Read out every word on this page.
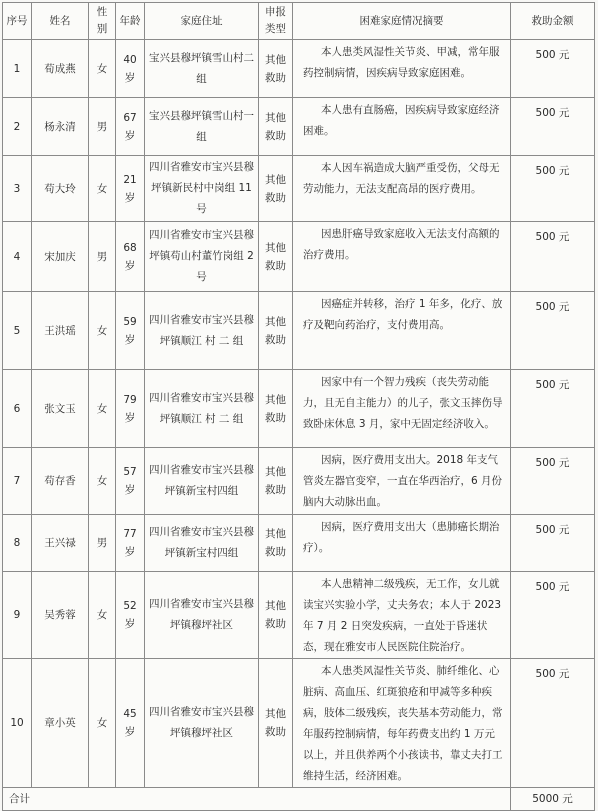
序号	姓名	性别	年龄	家庭住址	申报类型	困难家庭情况摘要	救助金额
1	荀成燕	女	40 岁	宝兴县穆坪镇雪山村二组	其他救助	本人患类风湿性关节炎、甲减，常年服药控制病情，因疾病导致家庭困难。	500 元
2	杨永清	男	67 岁	宝兴县穆坪镇雪山村一组	其他救助	本人患有直肠癌，因疾病导致家庭经济困难。	500 元
3	苟大玲	女	21 岁	四川省雅安市宝兴县穆坪镇新民村中岗组 11 号	其他救助	本人因车祸造成大脑严重受伤，父母无劳动能力，无法支配高昂的医疗费用。	500 元
4	宋加庆	男	68 岁	四川省雅安市宝兴县穆坪镇苟山村董竹岗组 2 号	其他救助	因患肝癌导致家庭收入无法支付高额的治疗费用。	500 元
5	王洪瑶	女	59 岁	四川省雅安市宝兴县穆坪镇顺江 村 二 组	其他救助	因癌症并转移，治疗 1 年多，化疗、放疗及靶向药治疗，支付费用高。	500 元
6	张文玉	女	79 岁	四川省雅安市宝兴县穆坪镇顺江 村 二 组	其他救助	因家中有一个智力残疾（丧失劳动能力，且无自主能力）的儿子，张文玉摔伤导致卧床休息 3 月，家中无固定经济收入。	500 元
7	苟存香	女	57 岁	四川省雅安市宝兴县穆坪镇新宝村四组	其他救助	因病，医疗费用支出大。2018 年支气管炎左器官变窄，一直在华西治疗，6 月份脑内大动脉出血。	500 元
8	王兴禄	男	77 岁	四川省雅安市宝兴县穆坪镇新宝村四组	其他救助	因病，医疗费用支出大（患肺癌长期治疗）。	500 元
9	吴秀蓉	女	52 岁	四川省雅安市宝兴县穆坪镇穆坪社区	其他救助	本人患精神二级残疾，无工作，女儿就读宝兴实验小学，丈夫务农；本人于 2023 年 7 月 2 日突发疾病，一直处于昏迷状态，现在雅安市人民医院住院治疗。	500 元
10	章小英	女	45 岁	四川省雅安市宝兴县穆坪镇穆坪社区	其他救助	本人患类风湿性关节炎、肺纤维化、心脏病、高血压、红斑狼疮和甲减等多种疾病，肢体二级残疾，丧失基本劳动能力，常年服药控制病情，每年药费支出约 1 万元以上，并且供养两个小孩读书，靠丈夫打工维持生活，经济困难。	500 元
合计							5000 元
